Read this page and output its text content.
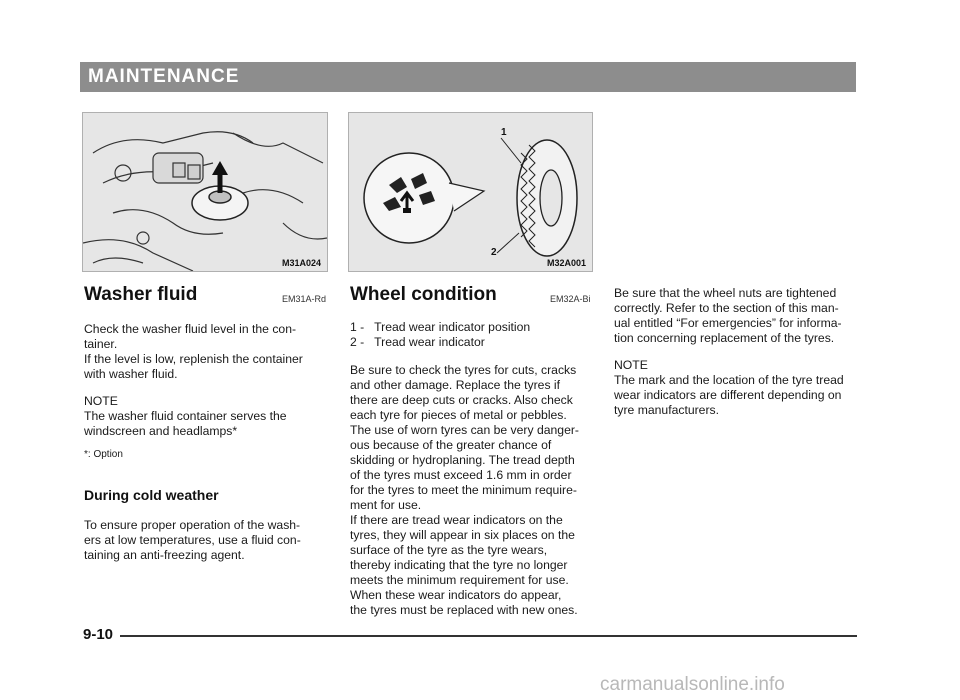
MAINTENANCE
M31A024
1
2
M32A001
Washer fluid	EM31A-Rd

Check the washer fluid level in the con-

tainer.

If the level is low, replenish the container

with washer fluid.

NOTE

The washer fluid container serves the

windscreen and headlamps*

*: Option

During cold weather

To ensure proper operation of the wash-

ers at low temperatures, use a fluid con-

taining an anti-freezing agent.

Wheel condition	EM32A-Bi

1 -   Tread wear indicator position

2 -   Tread wear indicator

Be sure to check the tyres for cuts, cracks

and other damage. Replace the tyres if

there are deep cuts or cracks. Also check

each tyre for pieces of metal or pebbles.

The use of worn tyres can be very danger-

ous because of the greater chance of

skidding or hydroplaning. The tread depth

of the tyres must exceed 1.6 mm in order

for the tyres to meet the minimum require-

ment for use.

If there are tread wear indicators on the

tyres, they will appear in six places on the

surface of the tyre as the tyre wears,

thereby indicating that the tyre no longer

meets the minimum requirement for use.

When these wear indicators do appear,

the tyres must be replaced with new ones.

Be sure that the wheel nuts are tightened

correctly. Refer to the section of this man-

ual entitled “For emergencies” for informa-

tion concerning replacement of the tyres.

NOTE

The mark and the location of the tyre tread

wear indicators are different depending on

tyre manufacturers.

9-10
carmanualsonline.info
